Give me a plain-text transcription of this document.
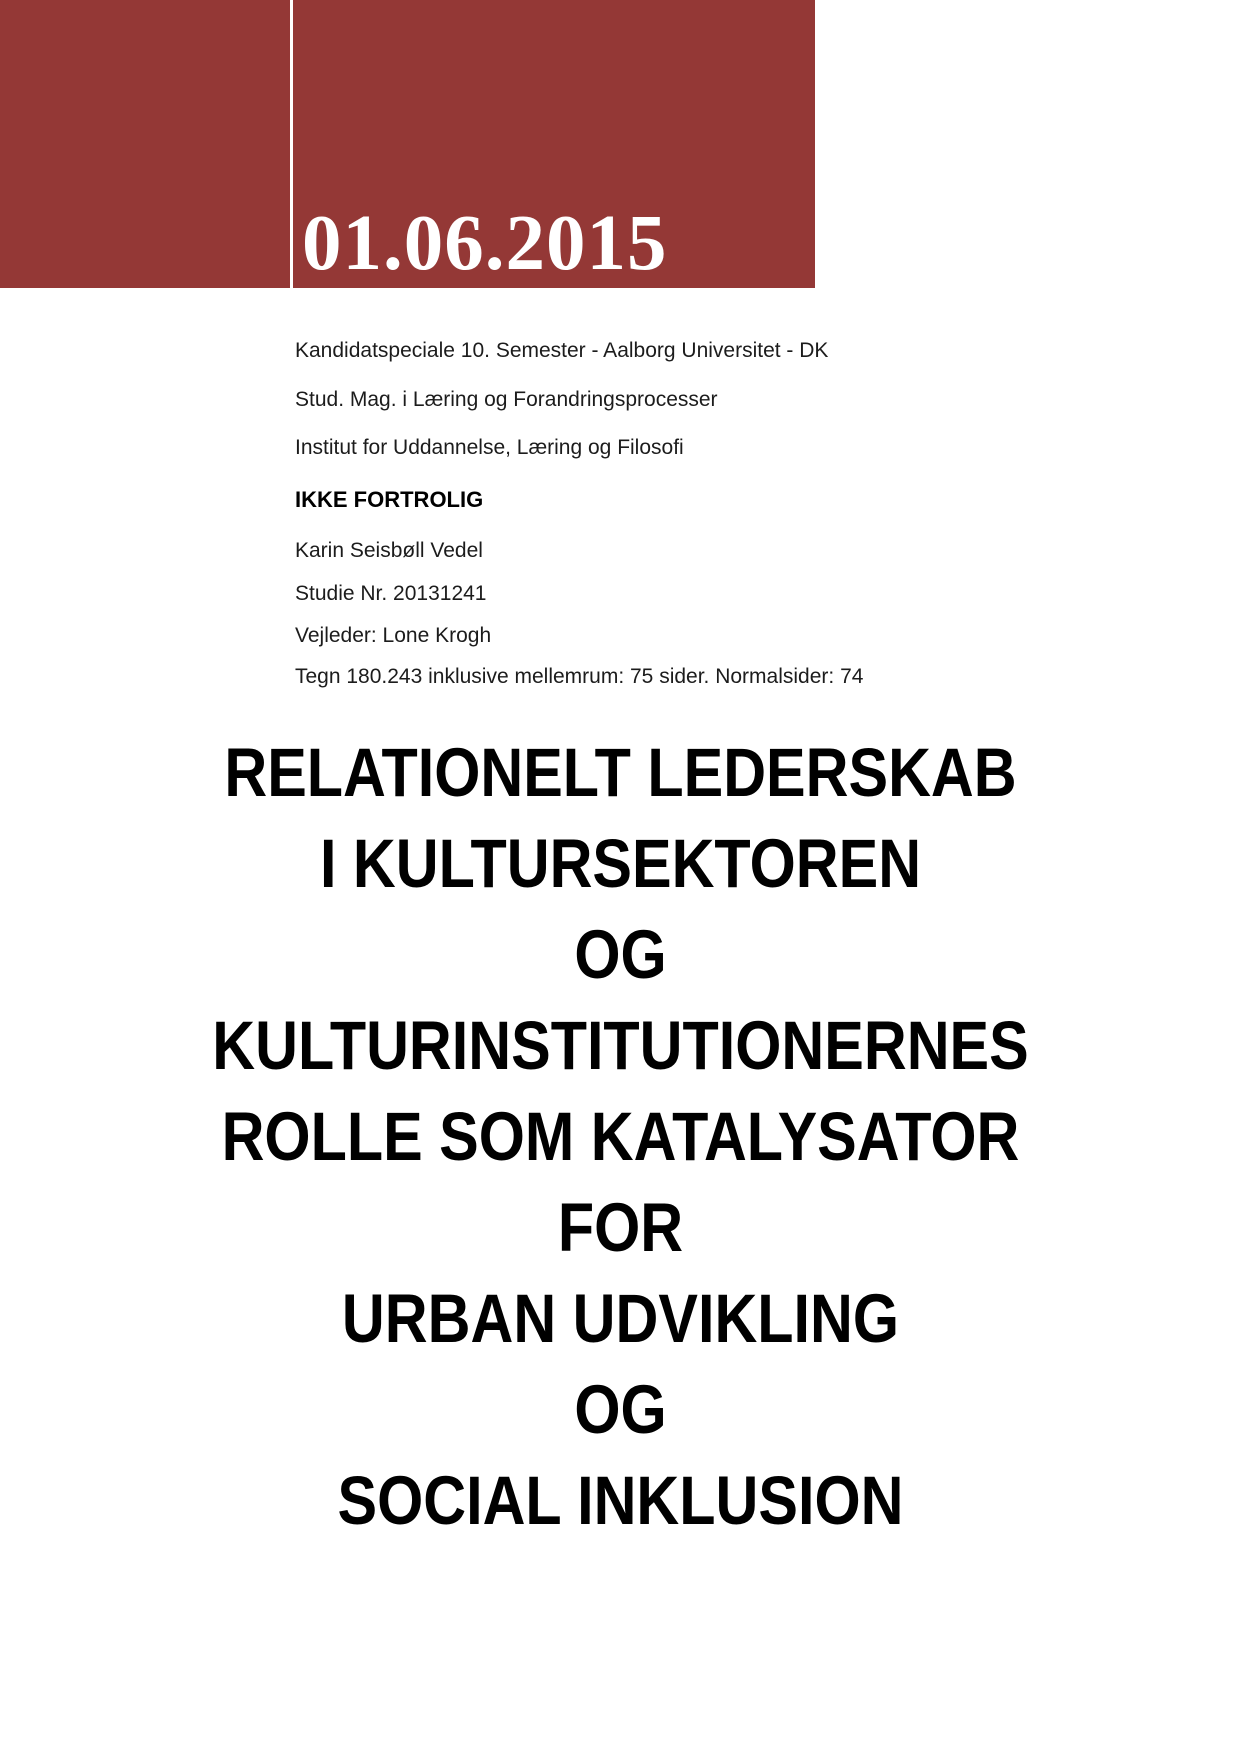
01.06.2015

Kandidatspeciale 10. Semester - Aalborg Universitet - DK

Stud. Mag. i Læring og Forandringsprocesser

Institut for Uddannelse, Læring og Filosofi

IKKE FORTROLIG

Karin Seisbøll Vedel

Studie Nr. 20131241

Vejleder: Lone Krogh

Tegn 180.243 inklusive mellemrum: 75 sider. Normalsider: 74

RELATIONELT LEDERSKAB
I KULTURSEKTOREN
OG
KULTURINSTITUTIONERNES
ROLLE SOM KATALYSATOR
FOR
URBAN UDVIKLING
OG
SOCIAL INKLUSION
